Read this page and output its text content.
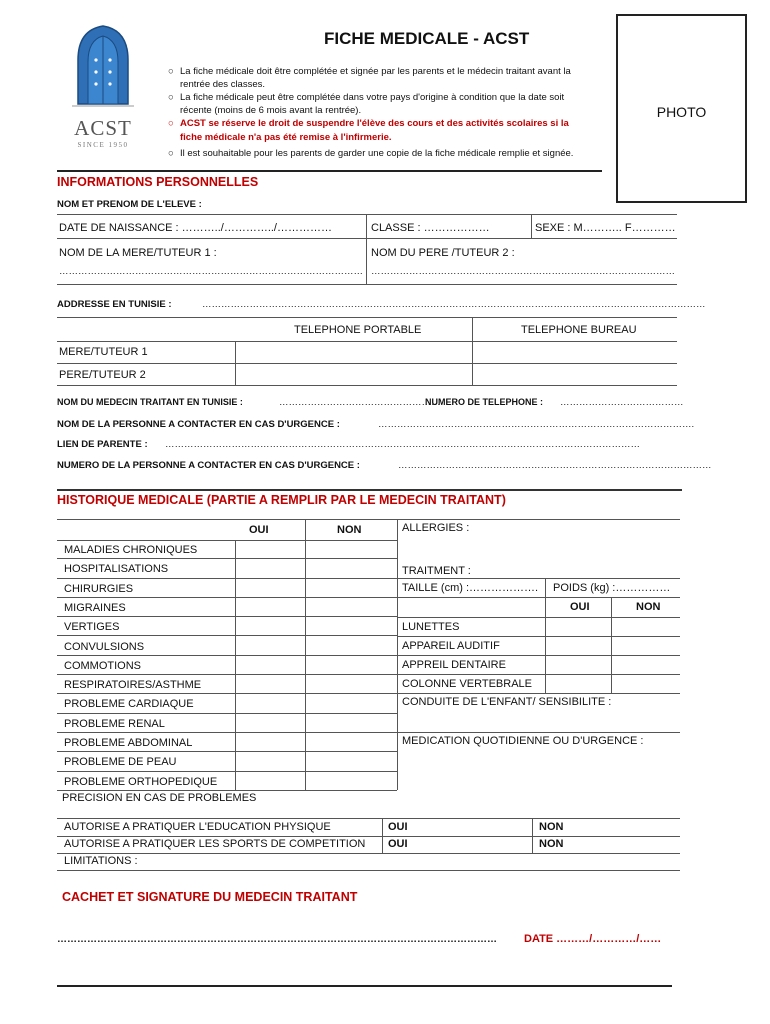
ACST
SINCE 1950
FICHE MEDICALE - ACST
PHOTO
○ La fiche médicale doit être complétée et signée par les parents et le médecin traitant avant la
rentrée des classes.
○ La fiche médicale peut être complétée dans votre pays d'origine à condition que la date soit
récente (moins de 6 mois avant la rentrée).
○ ACST se réserve le droit de suspendre l'élève des cours et des activités scolaires si la
fiche médicale n'a pas été remise à l'infirmerie.
○ Il est souhaitable pour les parents de garder une copie de la fiche médicale remplie et signée.
INFORMATIONS PERSONNELLES
NOM ET PRENOM DE L'ELEVE :
DATE DE NAISSANCE : ………../…………../……………	CLASSE : ………………	SEXE : M……….. F…………
NOM DE LA MERE/TUTEUR 1 :
……………………………………………………………………………………
NOM DU PERE /TUTEUR 2 :
……………………………………………………………………………………
ADDRESSE EN TUNISIE :	……………………………………………………………………………………………………………………………………………
TELEPHONE PORTABLE	TELEPHONE BUREAU
MERE/TUTEUR 1
PERE/TUTEUR 2
NOM DU MEDECIN TRAITANT EN TUNISIE :	……………………………………………
NUMERO DE TELEPHONE : …………………………………
NOM DE LA PERSONNE A CONTACTER EN CAS D'URGENCE :	……………………………………………………………………………………….
LIEN DE PARENTE : ……………………………………………………………………………………………………………………………………
NUMERO DE LA PERSONNE A CONTACTER EN CAS D'URGENCE :	………………………………………………………………………………………
HISTORIQUE MEDICALE (PARTIE A REMPLIR PAR LE MEDECIN TRAITANT)
OUI	NON	ALLERGIES :
MALADIES CHRONIQUES
HOSPITALISATIONS
CHIRURGIES
MIGRAINES
VERTIGES
CONVULSIONS
COMMOTIONS
RESPIRATOIRES/ASTHME
PROBLEME CARDIAQUE
PROBLEME RENAL
PROBLEME ABDOMINAL
PROBLEME DE PEAU
PROBLEME ORTHOPEDIQUE
PRECISION EN CAS DE PROBLEMES
TRAITMENT :
TAILLE (cm) :………………. POIDS (kg) :……………
OUI	NON
LUNETTES
APPAREIL AUDITIF
APPREIL DENTAIRE
COLONNE VERTEBRALE
CONDUITE DE L'ENFANT/ SENSIBILITE :
MEDICATION QUOTIDIENNE OU D'URGENCE :
AUTORISE A PRATIQUER L'EDUCATION PHYSIQUE	OUI	NON
AUTORISE A PRATIQUER LES SPORTS DE COMPETITION OUI	NON
LIMITATIONS :
CACHET ET SIGNATURE DU MEDECIN TRAITANT
…………………………………………………………………………………………………………………… DATE ………/…………/……
